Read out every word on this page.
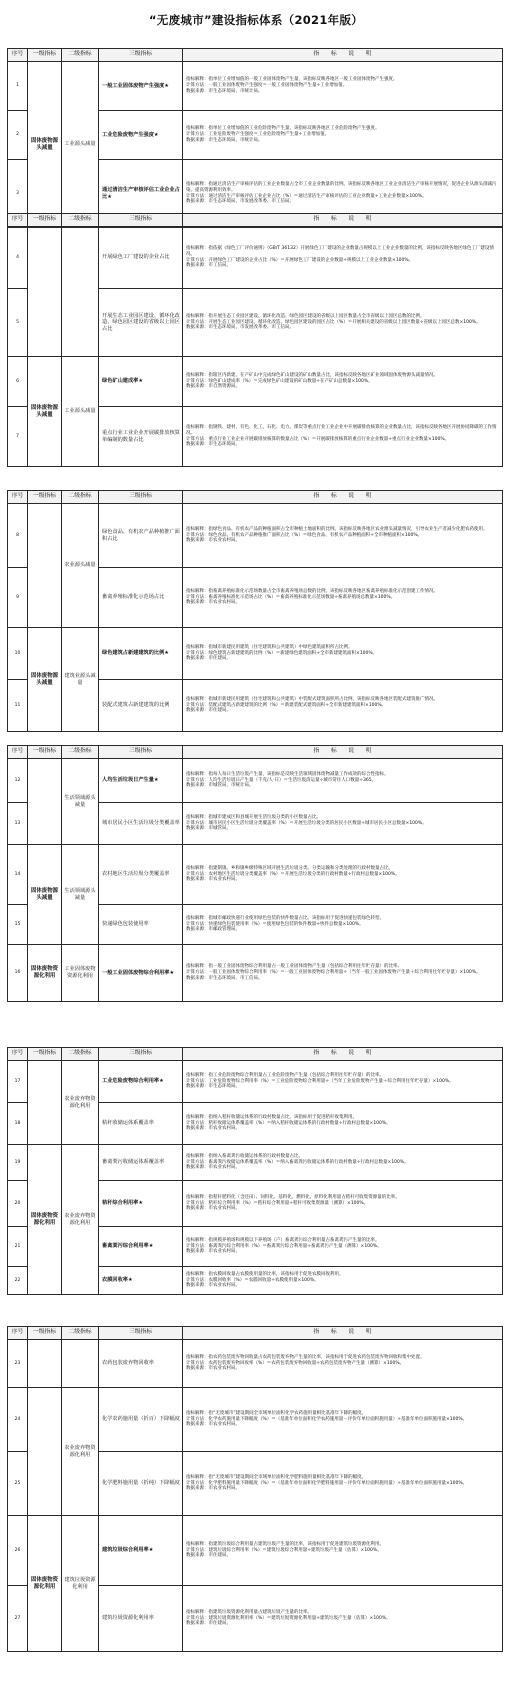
“无废城市”建设指标体系（2021年版）
序号	一级指标	二级指标	三级指标	指　　标　　说　　明
1	固体废物源头减量	工业源头减量	一般工业固体废物产生强度★	指标解释：指单位工业增加值的一般工业固体废物产生量，该指标反映各地区一般工业固体废物产生强度。
计算方法：一般工业固体废物产生强度＝一般工业固体废物产生量÷工业增加值。
数据来源：市生态环境局、市统计局。

2			工业危险废物产生强度★	指标解释：指单位工业增加值的工业危险废物产生量，该指标反映各地区工业危险废物产生强度。
计算方法：工业危险废物产生强度＝工业危险废物产生量÷工业增加值。
数据来源：市生态环境局、市统计局。

3			通过清洁生产审核评估工业企业占比★	指标解释：指通过清洁生产审核评估的工业企业数量占全市工业企业数量的比例。该指标反映各地区工业企业清洁生产审核开展情况，促进企业从源头削减污染、提高资源利用效率。
计算方法：通过清洁生产审核评估工业企业占比（%）＝通过清洁生产审核评估的工业企业数量÷工业企业数量×100%。
数据来源：市生态环境局、市发展改革委、市工信局。
序号	一级指标	二级指标	三级指标	指　　标　　说　　明
4			开展绿色工厂建设的企业占比	指标解释：指依据《绿色工厂评价通则》（GB/T 36132）开展绿色工厂建设的企业数量占规模以上工业企业数量的比例，该指标反映各地区绿色工厂建设情况。
计算方法：开展绿色工厂建设的企业占比（%）＝开展绿色工厂建设的企业数量÷规模以上工业企业数量×100%。
数据来源：市工信局。

5			开展生态工业园区建设、循环化改造、绿色园区建设的省级以上园区占比	指标解释：指开展生态工业园区建设、循环化改造、绿色园区建设的省级以上园区数量占全市省级以上园区总数的比例。
计算方法：开展生态工业园区建设、循环化改造、绿色园区建设的园区占比（%）＝开展相关建设的省级以上园区数量÷省级以上园区总数×100%。
数据来源：市生态环境局、市发展改革委、市工信局。

6	固体废物源头减量	工业源头减量	绿色矿山建成率★	指标解释：指辖区内新建、在产矿山中完成绿色矿山建设的矿山数量占比，该指标反映各地区矿业领域固体废物源头减量情况。
计算方法：绿色矿山建成率（%）＝完成绿色矿山建设的矿山数量÷在产矿山总数量×100%。
数据来源：市自然资源局。

7			重点行业工业企业开展碳排放核算单编制的数量占比	指标解释：指钢铁、建材、有色、化工、石化、电力、煤炭等重点行业工业企业中开展碳排放核算的企业数量占比，该指标反映各地区开展协同降碳的工作情况。
计算方法：重点行业工业企业开展碳排放核算的数量占比（%）＝开展碳排放核算的重点行业企业数量÷重点行业企业数量×100%。
数据来源：市生态环境局。
序号	一级指标	二级指标	三级指标	指　　标　　说　　明
8		农业源头减量	绿色食品、有机农产品种植推广面积占比	指标解释：指绿色食品、有机农产品的种植面积占全市种植土地面积的比例。该指标反映各地区农业源头减量情况，引导农业生产者减少化肥农药使用。
计算方法：绿色食品、有机农产品种植推广面积占比（%）＝绿色食品、有机农产品种植面积÷全市种植面积×100%。
数据来源：市农业农村局。

9			畜禽养殖标准化示范场占比	指标解释：指畜禽养殖标准化示范场数量占全市畜禽养殖场总数的比例，该指标反映各地区畜禽养殖标准化示范创建工作情况。
计算方法：畜禽养殖标准化示范场占比（%）＝畜禽养殖标准化示范场数量÷畜禽养殖场总数量×100%。
数据来源：市农业农村局。

10	固体废物源头减量	建筑业源头减量	绿色建筑占新建建筑的比例★	指标解释：指城市新建民用建筑（住宅建筑和公共建筑）中绿色建筑面积所占比例。
计算方法：绿色建筑占新建建筑的比例（%）＝新建绿色建筑面积÷全市新建建筑面积×100%。
数据来源：市住建局。

11			装配式建筑占新建建筑的比例	指标解释：指城市新建民用建筑（住宅建筑和公共建筑）中装配式建筑面积所占比例，该指标反映各地区装配式建筑推广情况。
计算方法：装配式建筑占新建建筑的比例（%）＝新建装配式建筑面积÷全市新建建筑面积×100%。
数据来源：市住建局。
序号	一级指标	二级指标	三级指标	指　　标　　说　　明
12		生活领域源头减量	人均生活垃圾日产生量★	指标解释：指每人每日生活垃圾产生量，该指标是反映生活领域固体废物减量工作成效的综合性指标。
计算方法：人均生活垃圾日产生量（千克/人·日）＝生活垃圾清运量÷城市常住人口数量÷365。
数据来源：市城管局、市统计局。

13			城市居民小区生活垃圾分类覆盖率	指标解释：指城市建成区和县城开展生活垃圾分类的小区数量占比。
计算方法：城市居民小区生活垃圾分类覆盖率（%）＝开展生活垃圾分类的居民小区数量÷城市居民小区总数量×100%。
数据来源：市城管局。

14	固体废物源头减量	生活领域源头减量	农村地区生活垃圾分类覆盖率	指标解释：指建制镇、乡和镇乡级特殊区域开展生活垃圾分类、分类运输和分类处理的行政村数量占比。
计算方法：农村地区生活垃圾分类覆盖率（%）＝开展生活垃圾分类的行政村数量÷行政村总数量×100%。
数据来源：市农业农村局。

15			快递绿色包装使用率	指标解释：指城市邮政快递行业使用绿色包装的快件数量占比。该指标用于促进快递包装绿色转型。
计算方法：快递绿色包装使用率（%）＝使用绿色包装的快件数量÷快件总数量×100%。
数据来源：市邮政管理局。

16	固体废物资源化利用	工业固体废物资源化利用	一般工业固体废物综合利用率★	指标解释：指一般工业固体废物综合利用量占一般工业固体废物产生量（包括综合利用往年贮存量）的比率。
计算方法：一般工业固体废物综合利用率（%）＝一般工业固体废物综合利用量÷（当年一般工业固体废物产生量＋综合利用往年贮存量）×100%。
数据来源：市生态环境局、市工信局。
序号	一级指标	二级指标	三级指标	指　　标　　说　　明
17		农业废弃物资源化利用	工业危险废物综合利用率★	指标解释：指工业危险废物综合利用量占工业危险废物产生量（包括综合利用往年贮存量）的比率。
计算方法：工业危险废物综合利用率（%）＝工业危险废物综合利用量÷（当年工业危险废物产生量＋综合利用往年贮存量）×100%。
数据来源：市生态环境局。

18			秸秆收储运体系覆盖率	指标解释：指纳入秸秆收储运体系的行政村数量占比，该指标用于促进秸秆收集利用。
计算方法：秸秆收储运体系覆盖率（%）＝纳入秸秆收储运体系的行政村数量÷行政村总数量×100%。
数据来源：市农业农村局。

19	固体废物资源化利用	农业废弃物资源化利用	畜禽粪污收储运体系覆盖率	指标解释：指纳入畜禽粪污收储运体系的行政村数量占比。
计算方法：畜禽粪污收储运体系覆盖率（%）＝纳入畜禽粪污收储运体系的行政村数量÷行政村总数量×100%。
数据来源：市农业农村局。

20			秸秆综合利用率★	指标解释：指秸秆肥料化（含还田）、饲料化、基料化、燃料化、原料化利用量占秸秆可收集资源量的比率。
计算方法：秸秆综合利用率（%）＝秸秆综合利用量÷秸秆可收集资源量（测算）×100%。
数据来源：市农业农村局。

21			畜禽粪污综合利用率★	指标解释：指规模养殖场和规模以下养殖场（户）畜禽粪污综合利用量占畜禽粪污产生量的比率。
计算方法：畜禽粪污综合利用率（%）＝畜禽粪污综合利用量÷畜禽粪污产生量（测算）×100%。
数据来源：市农业农村局。

22			农膜回收率★	指标解释：指农膜回收量占农膜使用量的比率，该指标用于促进农膜回收利用。
计算方法：农膜回收率（%）＝农膜回收量÷农膜使用量×100%。
数据来源：市农业农村局。
序号	一级指标	二级指标	三级指标	指　　标　　说　　明
23			农药包装废弃物回收率	指标解释：指农药包装废弃物回收量占农药包装废弃物产生量的比率，该指标用于促进农药包装废弃物回收和集中处置。
计算方法：农药包装废弃物回收率（%）＝农药包装废弃物回收量÷农药包装废弃物产生量（测算）×100%。
数据来源：市农业农村局。

24		农业废弃物资源化利用	化学农药施用量（折百）下降幅度	指标解释：指“无废城市”建设期间全市域单位面积化学农药施用量相比基准年下降的幅度。
计算方法：化学农药施用量下降幅度（%）＝（基准年单位面积化学农药施用量－评价年单位面积施用量）÷基准年单位面积施用量×100%。
数据来源：市农业农村局。

25			化学肥料施用量（折纯）下降幅度	指标解释：指“无废城市”建设期间全市域单位面积化学肥料施用量相比基准年下降的幅度。
计算方法：化学肥料施用量下降幅度（%）＝（基准年单位面积化学肥料施用量－评价年单位面积施用量）÷基准年单位面积施用量×100%。
数据来源：市农业农村局。

26	固体废物资源化利用	建筑垃圾资源化利用	建筑垃圾综合利用率★	指标解释：指建筑垃圾综合利用量占建筑垃圾产生量的比率，该指标用于促进建筑垃圾资源化利用。
计算方法：建筑垃圾综合利用率（%）＝建筑垃圾综合利用量÷建筑垃圾产生量（估算）×100%。
数据来源：市住建局。

27			建筑垃圾资源化利用率	指标解释：指建筑垃圾资源化利用量占建筑垃圾产生量的比率。
计算方法：建筑垃圾资源化利用率（%）＝建筑垃圾资源化利用量÷建筑垃圾产生量（估算）×100%。
数据来源：市住建局。
